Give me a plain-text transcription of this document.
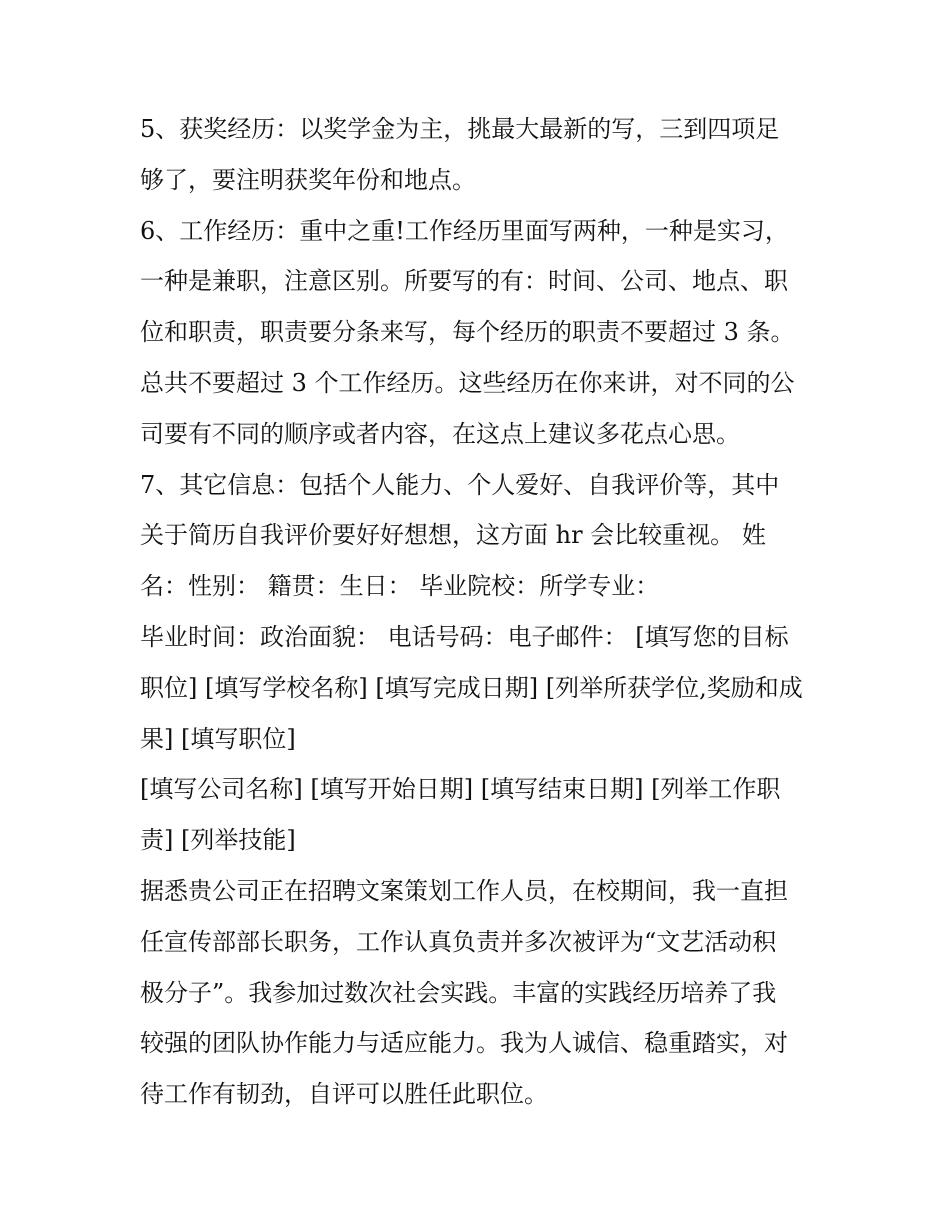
5、获奖经历：以奖学金为主，挑最大最新的写，三到四项足
够了，要注明获奖年份和地点。
6、工作经历：重中之重!工作经历里面写两种，一种是实习，
一种是兼职，注意区别。所要写的有：时间、公司、地点、职
位和职责，职责要分条来写，每个经历的职责不要超过 3 条。
总共不要超过 3 个工作经历。这些经历在你来讲，对不同的公
司要有不同的顺序或者内容，在这点上建议多花点心思。
7、其它信息：包括个人能力、个人爱好、自我评价等，其中
关于简历自我评价要好好想想，这方面 hr 会比较重视。 姓
名：性别： 籍贯：生日： 毕业院校：所学专业：
毕业时间：政治面貌： 电话号码：电子邮件： [填写您的目标
职位] [填写学校名称] [填写完成日期] [列举所获学位,奖励和成
果] [填写职位]
[填写公司名称] [填写开始日期] [填写结束日期] [列举工作职
责] [列举技能]
据悉贵公司正在招聘文案策划工作人员，在校期间，我一直担
任宣传部部长职务，工作认真负责并多次被评为“文艺活动积
极分子”。我参加过数次社会实践。丰富的实践经历培养了我
较强的团队协作能力与适应能力。我为人诚信、稳重踏实，对
待工作有韧劲，自评可以胜任此职位。
